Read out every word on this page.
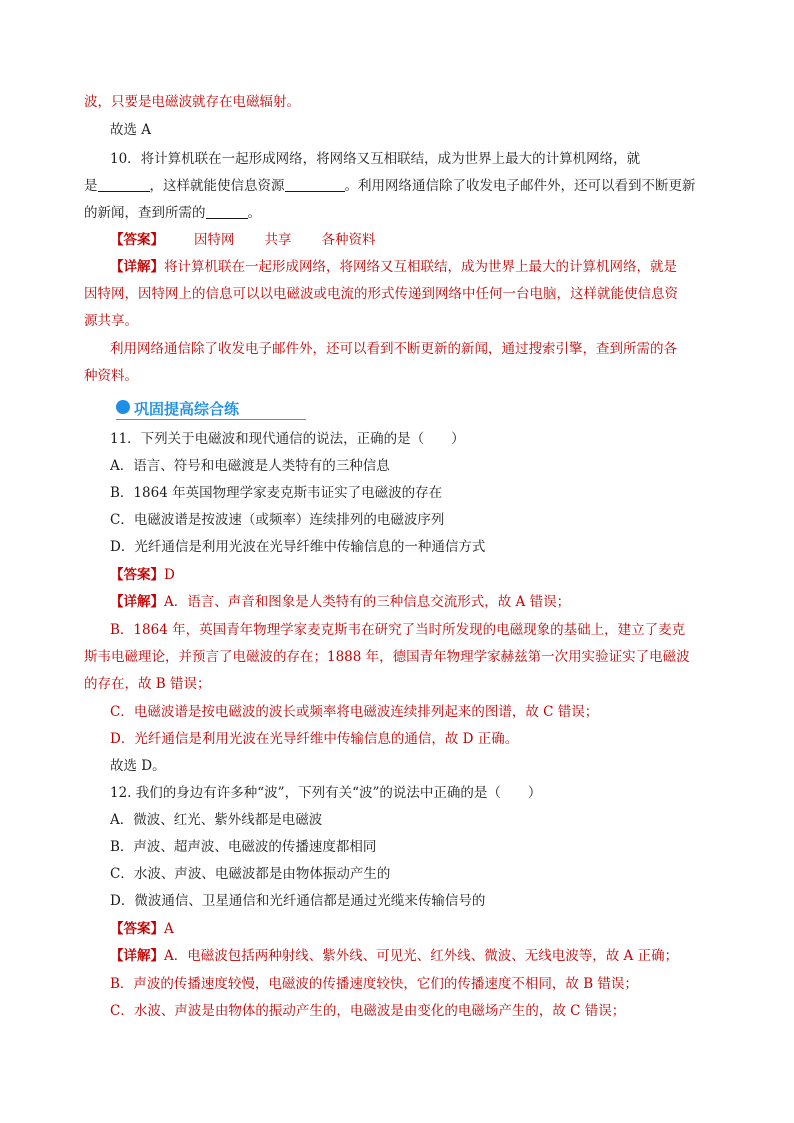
波，只要是电磁波就存在电磁辐射。
故选 A
10．将计算机联在一起形成网络，将网络又互相联结，成为世界上最大的计算机网络，就
是	，这样就能使信息资源	。利用网络通信除了收发电子邮件外，还可以看到不断更新
的新闻，查到所需的	。
【答案】 因特网 共享 各种资料
【详解】将计算机联在一起形成网络，将网络又互相联结，成为世界上最大的计算机网络，就是
因特网，因特网上的信息可以以电磁波或电流的形式传递到网络中任何一台电脑，这样就能使信息资
源共享。
利用网络通信除了收发电子邮件外，还可以看到不断更新的新闻，通过搜索引擎，查到所需的各
种资料。
巩固提高综合练
11．下列关于电磁波和现代通信的说法，正确的是（　　）
A．语言、符号和电磁渡是人类特有的三种信息
B．1864 年英国物理学家麦克斯韦证实了电磁波的存在
C．电磁波谱是按波速（或频率）连续排列的电磁波序列
D．光纤通信是利用光波在光导纤维中传输信息的一种通信方式
【答案】D
【详解】A．语言、声音和图象是人类特有的三种信息交流形式，故 A 错误；
B．1864 年，英国青年物理学家麦克斯韦在研究了当时所发现的电磁现象的基础上，建立了麦克
斯韦电磁理论，并预言了电磁波的存在；1888 年，德国青年物理学家赫兹第一次用实验证实了电磁波
的存在，故 B 错误；
C．电磁波谱是按电磁波的波长或频率将电磁波连续排列起来的图谱，故 C 错误；
D．光纤通信是利用光波在光导纤维中传输信息的通信，故 D 正确。
故选 D。
12. 我们的身边有许多种“波”，下列有关“波”的说法中正确的是（　　）
A．微波、红光、紫外线都是电磁波
B．声波、超声波、电磁波的传播速度都相同
C．水波、声波、电磁波都是由物体振动产生的
D．微波通信、卫星通信和光纤通信都是通过光缆来传输信号的
【答案】A
【详解】A．电磁波包括两种射线、紫外线、可见光、红外线、微波、无线电波等，故 A 正确；
B．声波的传播速度较慢，电磁波的传播速度较快，它们的传播速度不相同，故 B 错误；
C．水波、声波是由物体的振动产生的，电磁波是由变化的电磁场产生的，故 C 错误；
